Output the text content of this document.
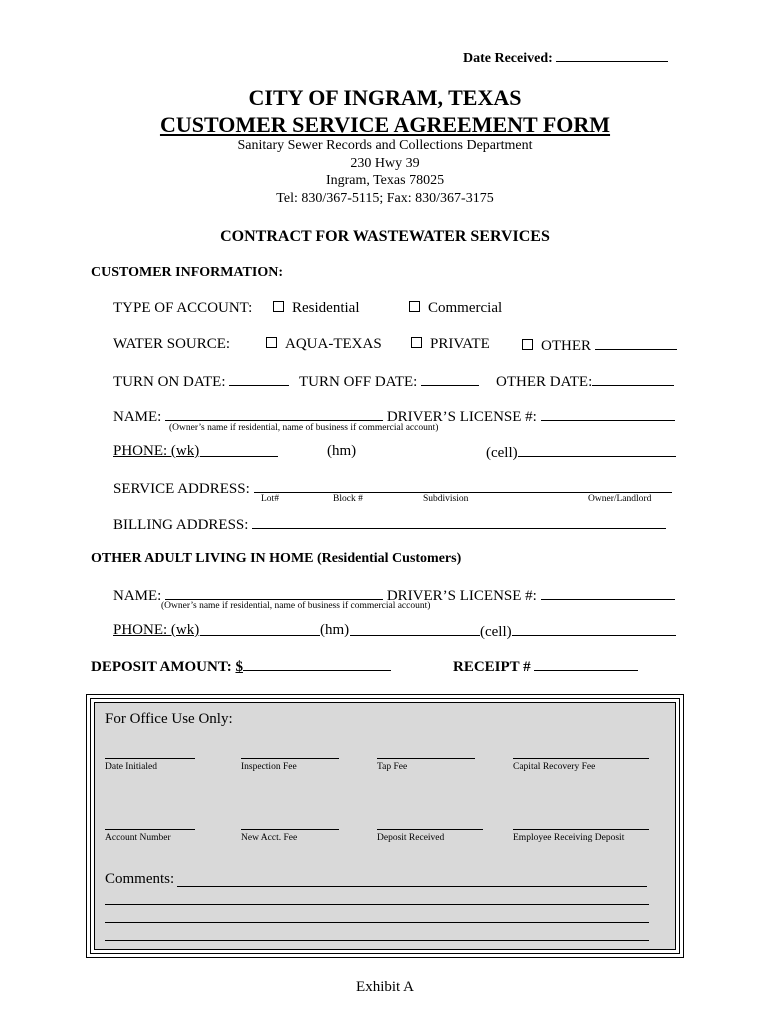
Date Received:
CITY OF INGRAM, TEXAS
CUSTOMER SERVICE AGREEMENT FORM
Sanitary Sewer Records and Collections Department
230 Hwy 39
Ingram, Texas 78025
Tel: 830/367-5115; Fax: 830/367-3175
CONTRACT FOR WASTEWATER SERVICES
CUSTOMER INFORMATION:
TYPE OF ACCOUNT:	Residential	Commercial
WATER SOURCE:	AQUA-TEXAS	PRIVATE	OTHER
TURN ON DATE:	TURN OFF DATE:	OTHER DATE:
NAME:	DRIVER’S LICENSE #:
(Owner’s name if residential, name of business if commercial account)
PHONE: (wk)	(hm)	(cell)
SERVICE ADDRESS:
Lot#	Block #	Subdivision	Owner/Landlord
BILLING ADDRESS:
OTHER ADULT LIVING IN HOME (Residential Customers)
NAME:	DRIVER’S LICENSE #:
(Owner’s name if residential, name of business if commercial account)
PHONE: (wk)	(hm)	(cell)
DEPOSIT AMOUNT: $	RECEIPT #
For Office Use Only:
Date Initialed	Inspection Fee	Tap Fee	Capital Recovery Fee
Account Number	New Acct. Fee	Deposit Received	Employee Receiving Deposit
Comments:
Exhibit A
